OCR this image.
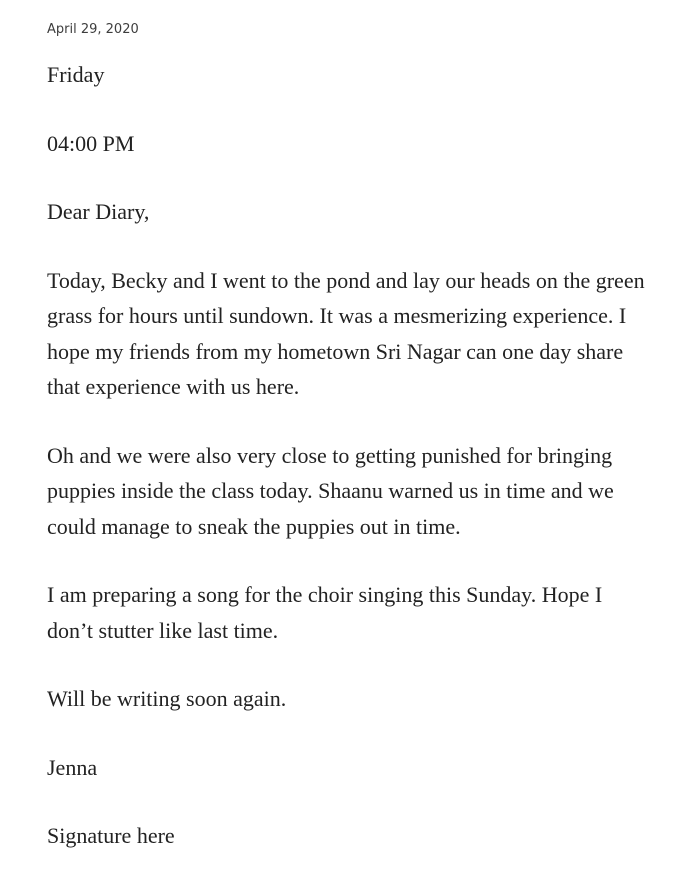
April 29, 2020

Friday

04:00 PM

Dear Diary,

Today, Becky and I went to the pond and lay our heads on the green grass for hours until sundown. It was a mesmerizing experience. I hope my friends from my hometown Sri Nagar can one day share that experience with us here.

Oh and we were also very close to getting punished for bringing puppies inside the class today. Shaanu warned us in time and we could manage to sneak the puppies out in time.

I am preparing a song for the choir singing this Sunday. Hope I don’t stutter like last time.

Will be writing soon again.

Jenna

Signature here
